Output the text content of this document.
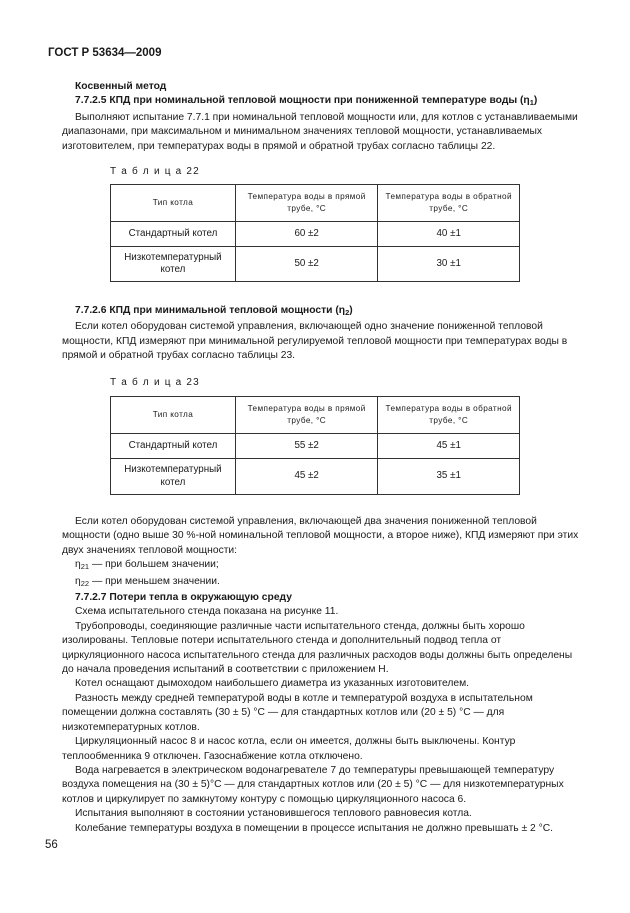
ГОСТ Р 53634—2009

Косвенный метод

7.7.2.5 КПД при номинальной тепловой мощности при пониженной температуре воды $(\eta_1)$

Выполняют испытание 7.7.1 при номинальной тепловой мощности или, для котлов с устанавливаемыми диапазонами, при максимальном и минимальном значениях тепловой мощности, устанавливаемых изготовителем, при температурах воды в прямой и обратной трубах согласно таблицы 22.

Т а б л и ц а 22
Тип котла	Температура воды в прямой трубе, °С	Температура воды в обратной трубе, °С
Стандартный котел	60 ±2	40 ±1
Низкотемпературный котел	50 ±2	30 ±1

7.7.2.6 КПД при минимальной тепловой мощности $(\eta_2)$

Если котел оборудован системой управления, включающей одно значение пониженной тепловой мощности, КПД измеряют при минимальной регулируемой тепловой мощности при температурах воды в прямой и обратной трубах согласно таблицы 23.

Т а б л и ц а 23
Тип котла	Температура воды в прямой трубе, °С	Температура воды в обратной трубе, °С
Стандартный котел	55 ±2	45 ±1
Низкотемпературный котел	45 ±2	35 ±1

Если котел оборудован системой управления, включающей два значения пониженной тепловой мощности (одно выше 30 %-ной номинальной тепловой мощности, а второе ниже), КПД измеряют при этих двух значениях тепловой мощности:

$\eta_{21}$ — при большем значении;

$\eta_{22}$ — при меньшем значении.

7.7.2.7 Потери тепла в окружающую среду

Схема испытательного стенда показана на рисунке 11.

Трубопроводы, соединяющие различные части испытательного стенда, должны быть хорошо изолированы. Тепловые потери испытательного стенда и дополнительный подвод тепла от циркуляционного насоса испытательного стенда для различных расходов воды должны быть определены до начала проведения испытаний в соответствии с приложением Н.

Котел оснащают дымоходом наибольшего диаметра из указанных изготовителем.

Разность между средней температурой воды в котле и температурой воздуха в испытательном помещении должна составлять (30 ± 5) °С — для стандартных котлов или (20 ± 5) °С — для низкотемпературных котлов.

Циркуляционный насос 8 и насос котла, если он имеется, должны быть выключены. Контур теплообменника 9 отключен. Газоснабжение котла отключено.

Вода нагревается в электрическом водонагревателе 7 до температуры превышающей температуру воздуха помещения на (30 ± 5)°С — для стандартных котлов или (20 ± 5) °С — для низкотемпературных котлов и циркулирует по замкнутому контуру с помощью циркуляционного насоса 6.

Испытания выполняют в состоянии установившегося теплового равновесия котла.

Колебание температуры воздуха в помещении в процессе испытания не должно превышать ± 2 °С.

56
